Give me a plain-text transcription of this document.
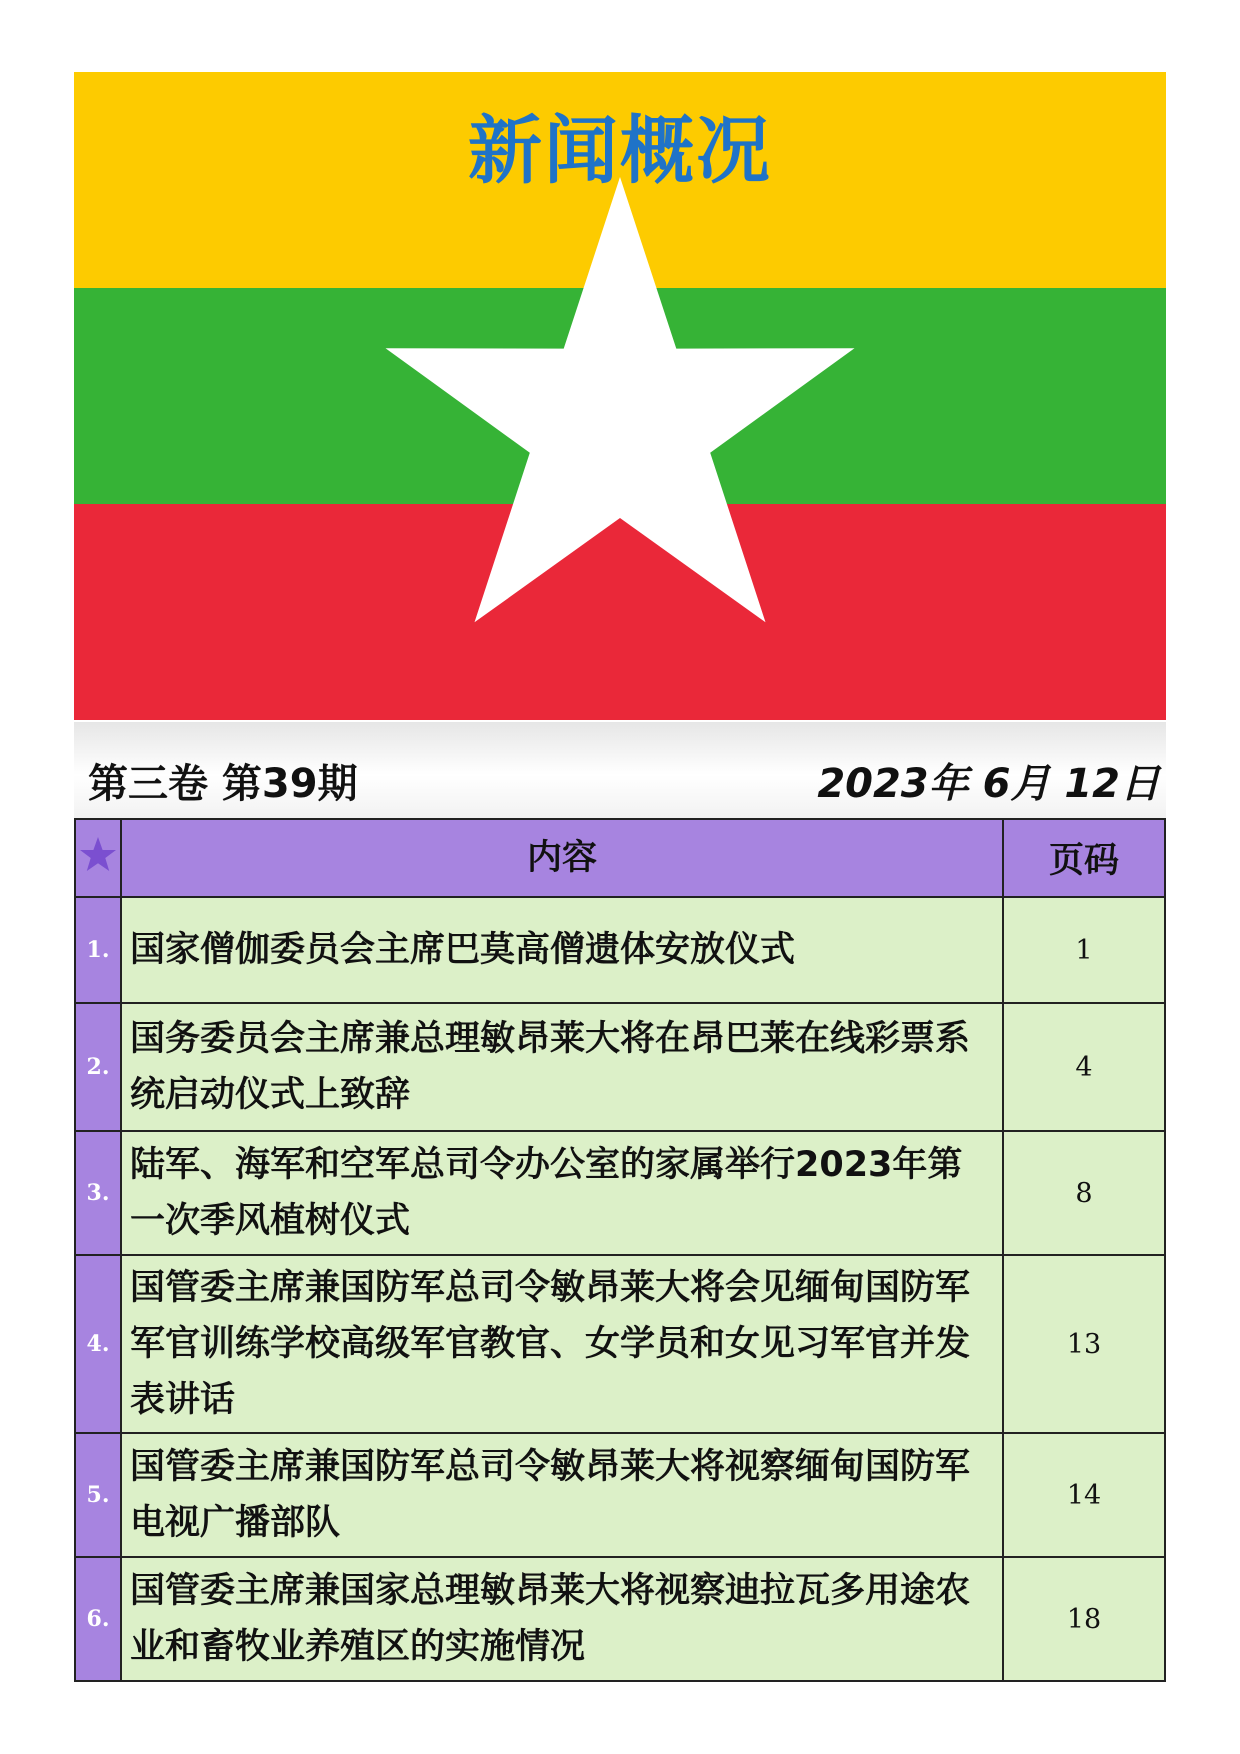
新闻概况
第三卷 第39期	2023年 6月 12日
	内容	页码
1.	国家僧伽委员会主席巴莫高僧遗体安放仪式	1
2.	国务委员会主席兼总理敏昂莱大将在昂巴莱在线彩票系统启动仪式上致辞	4
3.	陆军、海军和空军总司令办公室的家属举行2023年第一次季风植树仪式	8
4.	国管委主席兼国防军总司令敏昂莱大将会见缅甸国防军军官训练学校高级军官教官、女学员和女见习军官并发表讲话	13
5.	国管委主席兼国防军总司令敏昂莱大将视察缅甸国防军电视广播部队	14
6.	国管委主席兼国家总理敏昂莱大将视察迪拉瓦多用途农业和畜牧业养殖区的实施情况	18
